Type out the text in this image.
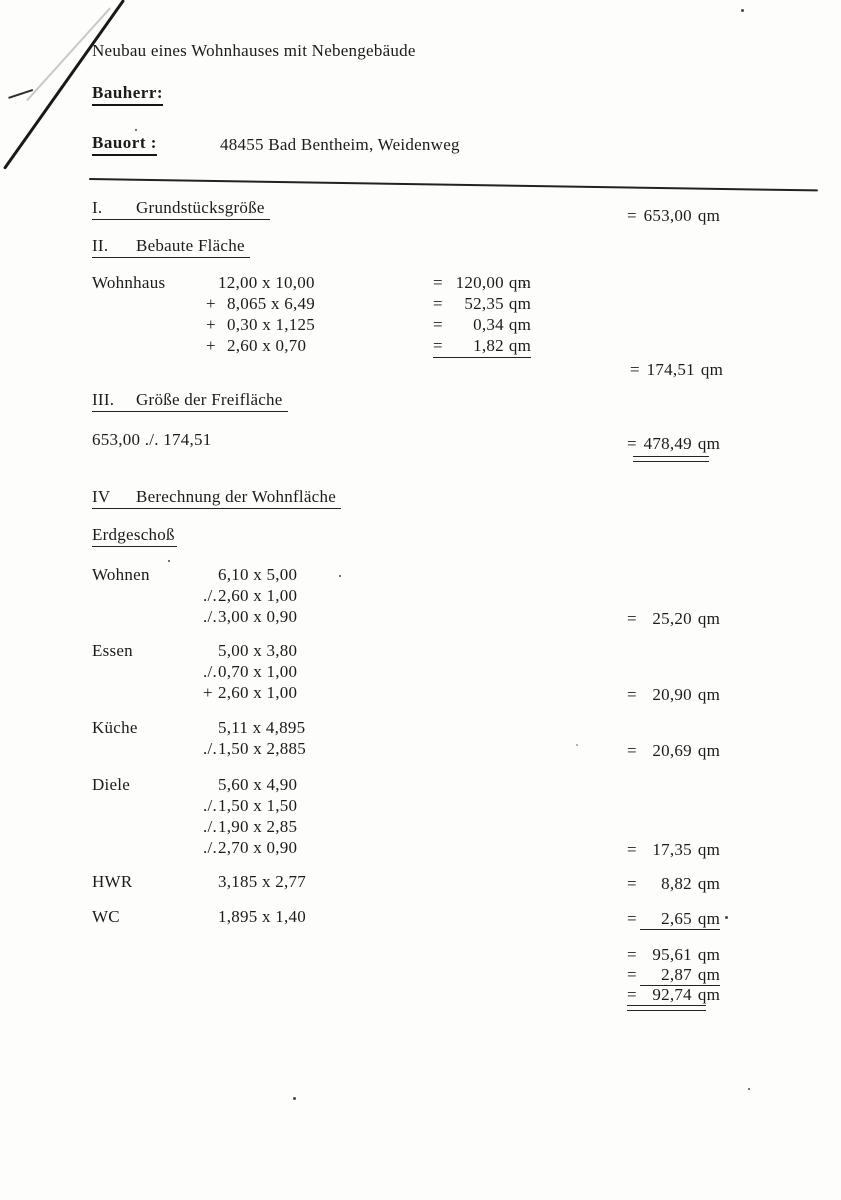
Neubau eines Wohnhauses mit Nebengebäude
Bauherr:
Bauort :	48455 Bad Bentheim, Weidenweg
I. Grundstücksgröße	= 653,00 qm
II. Bebaute Fläche
Wohnhaus	12,00 x 10,00	= 120,00 qm
+ 8,065 x 6,49	= 52,35 qm
+ 0,30 x 1,125	= 0,34 qm
+ 2,60 x 0,70	= 1,82 qm
= 174,51 qm
III. Größe der Freifläche
653,00 ./. 174,51	= 478,49 qm
IV Berechnung der Wohnfläche
Erdgeschoß
Wohnen	6,10 x 5,00
./. 2,60 x 1,00
./. 3,00 x 0,90	= 25,20 qm
Essen	5,00 x 3,80
./. 0,70 x 1,00
+ 2,60 x 1,00	= 20,90 qm
Küche	5,11 x 4,895
./. 1,50 x 2,885	= 20,69 qm
Diele	5,60 x 4,90
./. 1,50 x 1,50
./. 1,90 x 2,85
./. 2,70 x 0,90	= 17,35 qm
HWR	3,185 x 2,77	= 8,82 qm
WC	1,895 x 1,40	= 2,65 qm
= 95,61 qm
= 2,87 qm
= 92,74 qm
